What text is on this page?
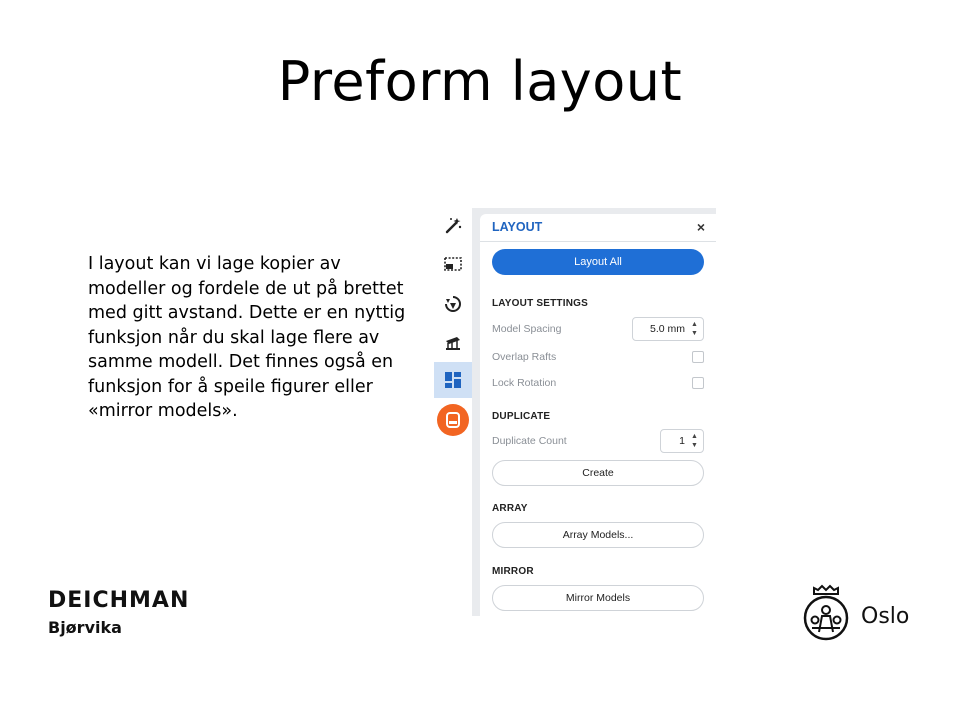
Preform layout
I layout kan vi lage kopier av modeller og fordele de ut på brettet med gitt avstand. Dette er en nyttig funksjon når du skal lage flere av samme modell. Det finnes også en funksjon for å speile figurer eller «mirror models».
LAYOUT	×
Layout All
LAYOUT SETTINGS
Model Spacing	5.0 mm ▲
▼
Overlap Rafts
Lock Rotation
DUPLICATE
Duplicate Count	1 ▲
▼
Create
ARRAY
Array Models...
MIRROR
Mirror Models
DEICHMAN
Bjørvika	Oslo
